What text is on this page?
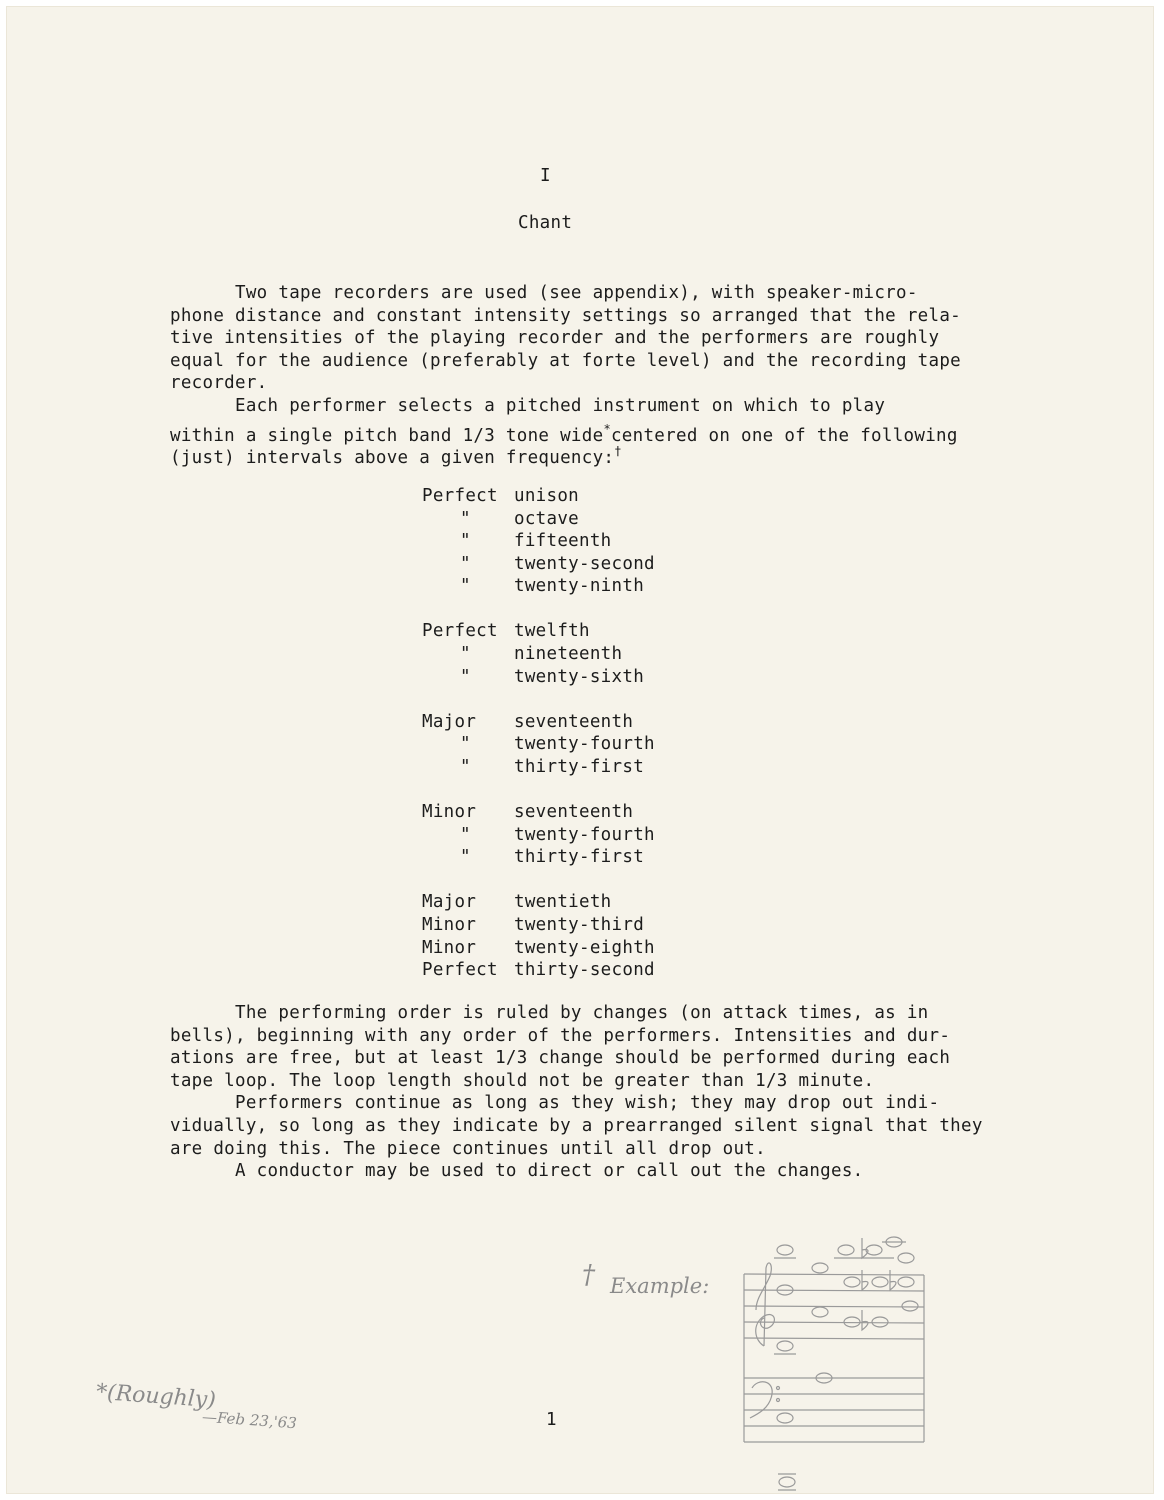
I
Chant
Two tape recorders are used (see appendix), with speaker-micro-
phone distance and constant intensity settings so arranged that the rela-
tive intensities of the playing recorder and the performers are roughly
equal for the audience (preferably at forte level) and the recording tape
recorder.
Each performer selects a pitched instrument on which to play
within a single pitch band 1/3 tone wide*centered on one of the following
(just) intervals above a given frequency:†
Perfect unison
"	octave
"	fifteenth
"	twenty-second
"	twenty-ninth
Perfect twelfth
"	nineteenth
"	twenty-sixth
Major	seventeenth
"	twenty-fourth
"	thirty-first
Minor	seventeenth
"	twenty-fourth
"	thirty-first
Major	twentieth
Minor	twenty-third
Minor	twenty-eighth
Perfect thirty-second
The performing order is ruled by changes (on attack times, as in
bells), beginning with any order of the performers. Intensities and dur-
ations are free, but at least 1/3 change should be performed during each
tape loop. The loop length should not be greater than 1/3 minute.
Performers continue as long as they wish; they may drop out indi-
vidually, so long as they indicate by a prearranged silent signal that they
are doing this. The piece continues until all drop out.
A conductor may be used to direct or call out the changes.
† Example:
*(Roughly)
—Feb 23,'63	1
